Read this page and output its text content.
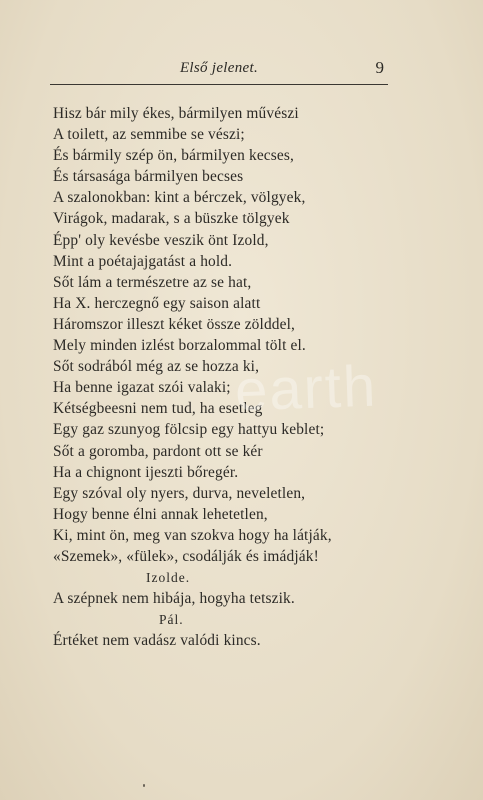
Első jelenet.	9
Hisz bár mily ékes, bármilyen művészi
A toilett, az semmibe se vészi;
És bármily szép ön, bármilyen kecses,
És társasága bármilyen becses
A szalonokban: kint a bérczek, völgyek,
Virágok, madarak, s a büszke tölgyek
Épp' oly kevésbe veszik önt Izold,
Mint a poétajajgatást a hold.
Sőt lám a természetre az se hat,
Ha X. herczegnő egy saison alatt
Háromszor illeszt kéket össze zölddel,
Mely minden izlést borzalommal tölt el.
Sőt sodrából még az se hozza ki,
Ha benne igazat szói valaki;
Kétségbeesni nem tud, ha esetleg
Egy gaz szunyog fölcsip egy hattyu keblet;
Sőt a goromba, pardont ott se kér
Ha a chignont ijeszti bőregér.
Egy szóval oly nyers, durva, neveletlen,
Hogy benne élni annak lehetetlen,
Ki, mint ön, meg van szokva hogy ha látják,
«Szemek», «fülek», csodálják és imádják!
Izolde.
A szépnek nem hibája, hogyha tetszik.
Pál.
Értéket nem vadász valódi kincs.
earth
